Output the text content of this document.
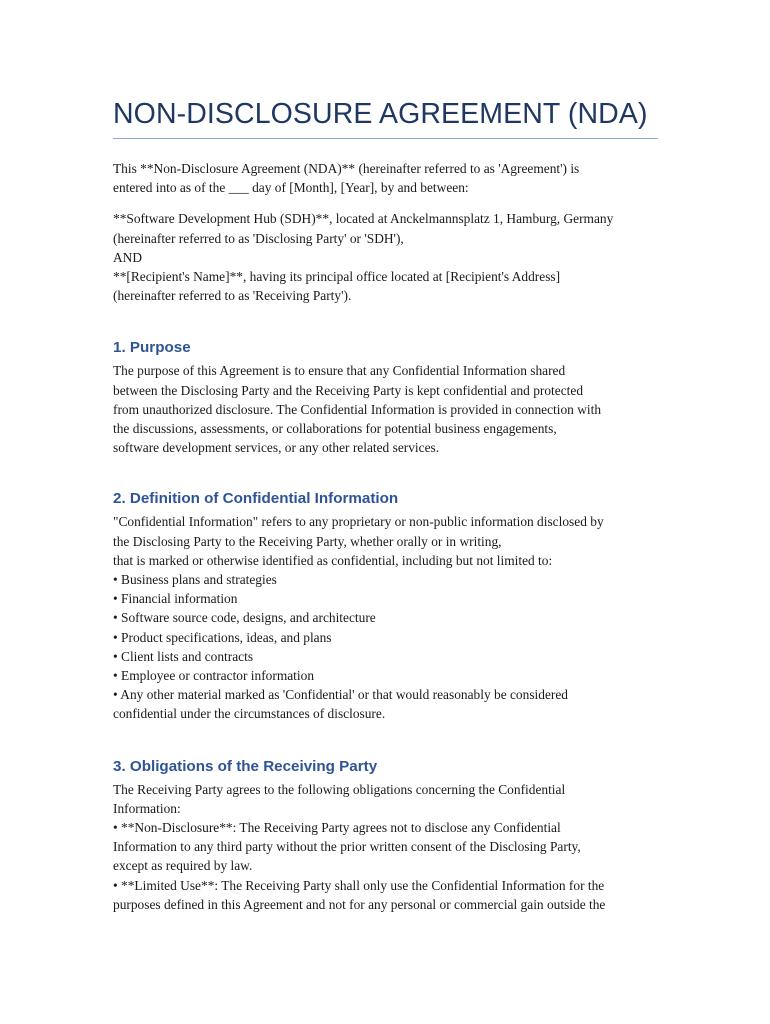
NON-DISCLOSURE AGREEMENT (NDA)

This **Non-Disclosure Agreement (NDA)** (hereinafter referred to as 'Agreement') is
entered into as of the ___ day of [Month], [Year], by and between:

**Software Development Hub (SDH)**, located at Anckelmannsplatz 1, Hamburg, Germany
(hereinafter referred to as 'Disclosing Party' or 'SDH'),
AND
**[Recipient's Name]**, having its principal office located at [Recipient's Address]
(hereinafter referred to as 'Receiving Party').

1. Purpose

The purpose of this Agreement is to ensure that any Confidential Information shared
between the Disclosing Party and the Receiving Party is kept confidential and protected
from unauthorized disclosure. The Confidential Information is provided in connection with
the discussions, assessments, or collaborations for potential business engagements,
software development services, or any other related services.

2. Definition of Confidential Information

"Confidential Information" refers to any proprietary or non-public information disclosed by
the Disclosing Party to the Receiving Party, whether orally or in writing,
that is marked or otherwise identified as confidential, including but not limited to:
• Business plans and strategies
• Financial information
• Software source code, designs, and architecture
• Product specifications, ideas, and plans
• Client lists and contracts
• Employee or contractor information
• Any other material marked as 'Confidential' or that would reasonably be considered
confidential under the circumstances of disclosure.

3. Obligations of the Receiving Party

The Receiving Party agrees to the following obligations concerning the Confidential
Information:
• **Non-Disclosure**: The Receiving Party agrees not to disclose any Confidential
Information to any third party without the prior written consent of the Disclosing Party,
except as required by law.
• **Limited Use**: The Receiving Party shall only use the Confidential Information for the
purposes defined in this Agreement and not for any personal or commercial gain outside the
